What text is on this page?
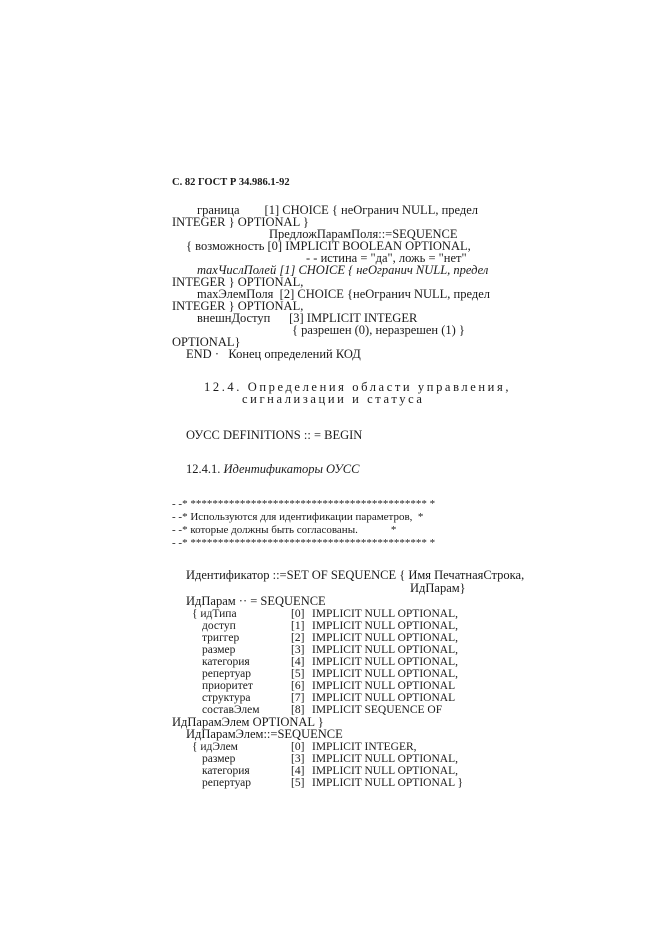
С. 82 ГОСТ Р 34.986.1-92
граница        [1] CHOICE { неОгранич NULL, предел
INTEGER } OPTIONAL }
ПредложПарамПоля::=SEQUENCE
{ возможность [0] IMPLICIT BOOLEAN OPTIONAL,
- - истина = "да", ложь = "нет"
maxЧислПолей [1] CHOICE { неОгранич NULL, предел
INTEGER } OPTIONAL,
maxЭлемПоля  [2] CHOICE {неОгранич NULL, предел
INTEGER } OPTIONAL,
внешнДоступ      [3] IMPLICIT INTEGER
{ разрешен (0), неразрешен (1) }
OPTIONAL}
END ·   Конец определений КОД
12.4. Определения области управления,
сигнализации и статуса
ОУСС DEFINITIONS :: = BEGIN
12.4.1. Идентификаторы ОУСС
- -* ******************************************* *
- -* Используются для идентификации параметров,  *
- -* которые должны быть согласованы.            *
- -* ******************************************* *
Идентификатор ::=SET OF SEQUENCE { Имя ПечатнаяСтрока,
ИдПарам}
ИдПарам ·· = SEQUENCE
{ идТипа	[0] IMPLICIT NULL OPTIONAL,
доступ	[1] IMPLICIT NULL OPTIONAL,
триггер	[2] IMPLICIT NULL OPTIONAL,
размер	[3] IMPLICIT NULL OPTIONAL,
категория	[4] IMPLICIT NULL OPTIONAL,
репертуар	[5] IMPLICIT NULL OPTIONAL,
приоритет	[6] IMPLICIT NULL OPTIONAL
структура	[7] IMPLICIT NULL OPTIONAL
составЭлем	[8] IMPLICIT SEQUENCE OF
ИдПарамЭлем OPTIONAL }
ИдПарамЭлем::=SEQUENCE
{ идЭлем	[0] IMPLICIT INTEGER,
размер	[3] IMPLICIT NULL OPTIONAL,
категория	[4] IMPLICIT NULL OPTIONAL,
репертуар	[5] IMPLICIT NULL OPTIONAL }
